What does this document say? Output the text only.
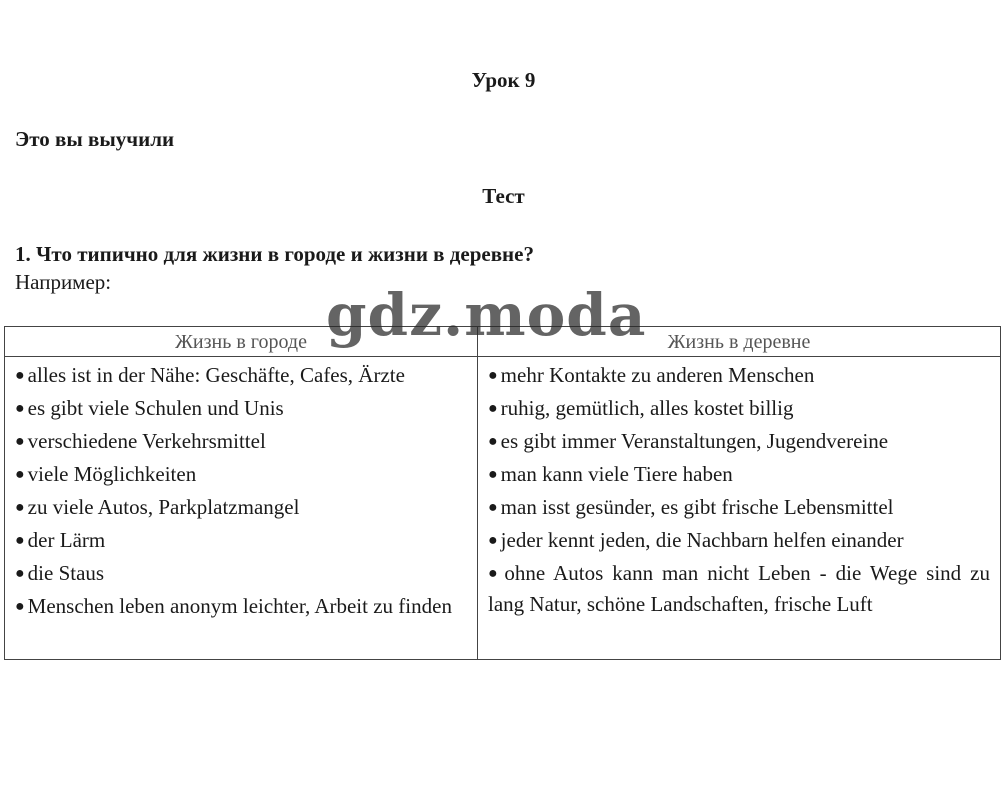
Урок 9
Это вы выучили
Тест
1. Что типично для жизни в городе и жизни в деревне?
Например:
Жизнь в городе	Жизнь в деревне
● alles ist in der Nähe: Geschäfte, Cafes, Ärzte
● es gibt viele Schulen und Unis
● verschiedene Verkehrsmittel
● viele Möglichkeiten
● zu viele Autos, Parkplatzmangel
● der Lärm
● die Staus
● Menschen leben anonym leichter, Arbeit zu finden
● mehr Kontakte zu anderen Menschen
● ruhig, gemütlich, alles kostet billig
● es gibt immer Veranstaltungen, Jugendvereine
● man kann viele Tiere haben
● man isst gesünder, es gibt frische Lebensmittel
● jeder kennt jeden, die Nachbarn helfen einander
● ohne Autos kann man nicht Leben - die Wege sind zu lang Natur, schöne Landschaften, frische Luft
gdz.moda
